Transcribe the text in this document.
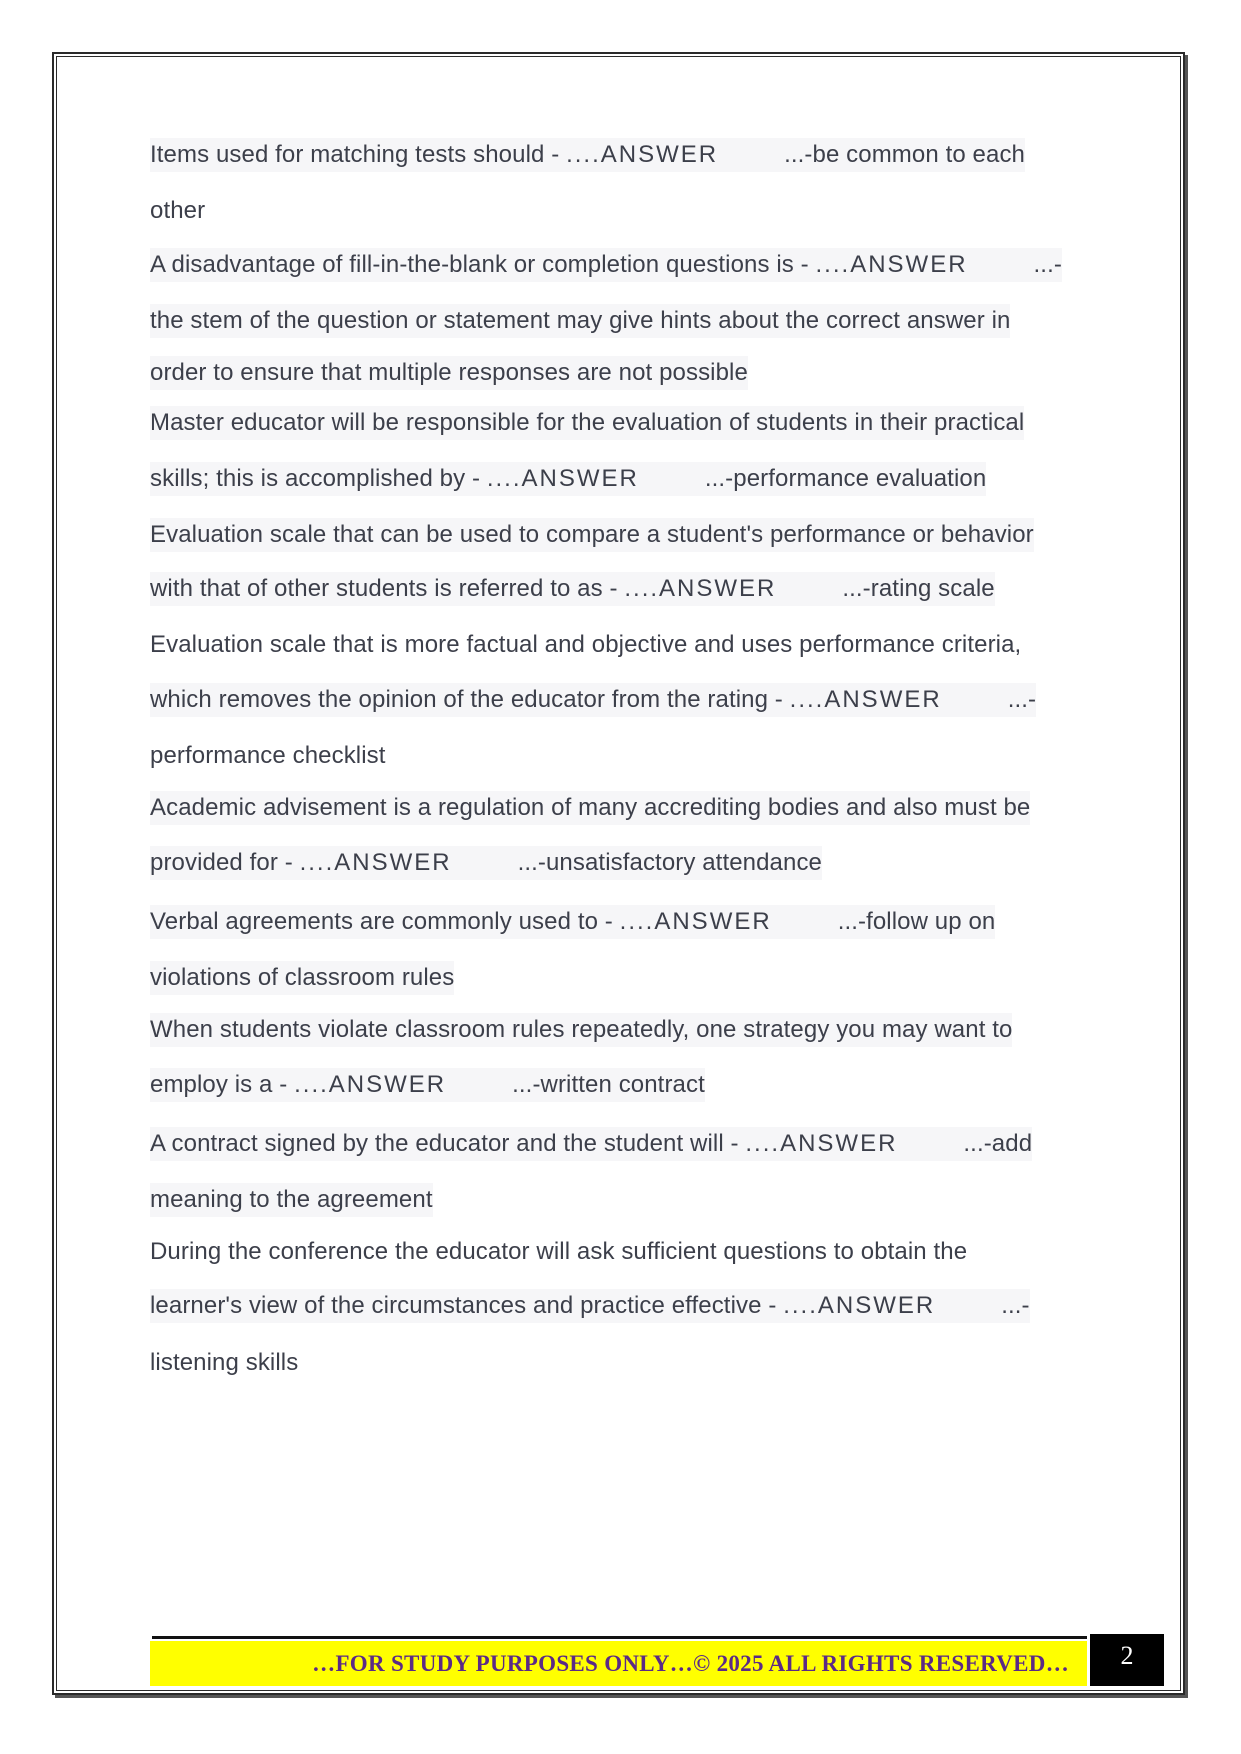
Items used for matching tests should - ....ANSWER	...-be common to each
other
A disadvantage of fill-in-the-blank or completion questions is - ....ANSWER	...-
the stem of the question or statement may give hints about the correct answer in
order to ensure that multiple responses are not possible
Master educator will be responsible for the evaluation of students in their practical
skills; this is accomplished by - ....ANSWER	...-performance evaluation
Evaluation scale that can be used to compare a student's performance or behavior
with that of other students is referred to as - ....ANSWER	...-rating scale
Evaluation scale that is more factual and objective and uses performance criteria,
which removes the opinion of the educator from the rating - ....ANSWER	...-
performance checklist
Academic advisement is a regulation of many accrediting bodies and also must be
provided for - ....ANSWER	...-unsatisfactory attendance
Verbal agreements are commonly used to - ....ANSWER	...-follow up on
violations of classroom rules
When students violate classroom rules repeatedly, one strategy you may want to
employ is a - ....ANSWER	...-written contract
A contract signed by the educator and the student will - ....ANSWER	...-add
meaning to the agreement
During the conference the educator will ask sufficient questions to obtain the
learner's view of the circumstances and practice effective - ....ANSWER	...-
listening skills
…FOR STUDY PURPOSES ONLY…© 2025 ALL RIGHTS RESERVED…	2
